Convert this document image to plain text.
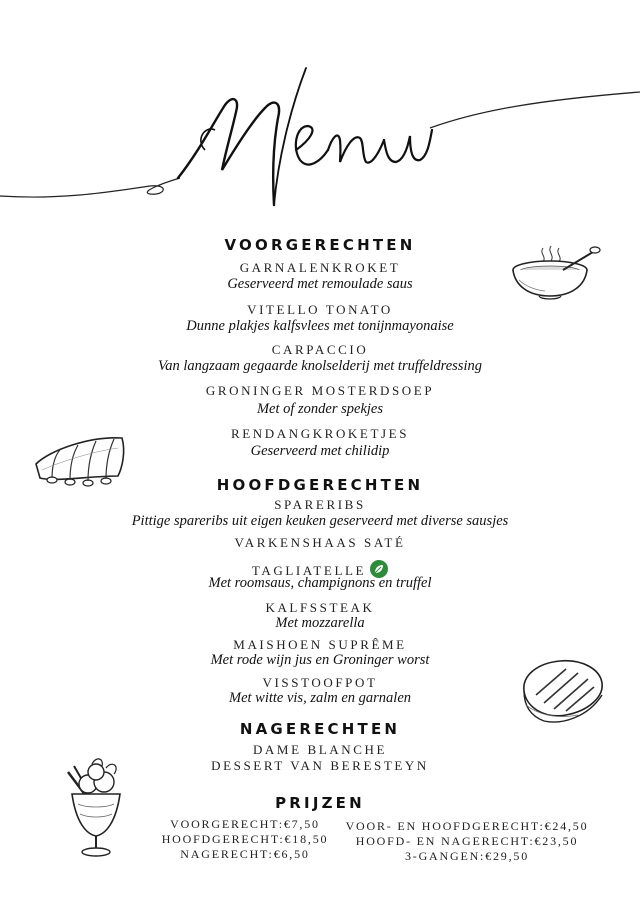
VOORGERECHTEN
GARNALENKROKET
Geserveerd met remoulade saus
VITELLO TONATO
Dunne plakjes kalfsvlees met tonijnmayonaise
CARPACCIO
Van langzaam gegaarde knolselderij met truffeldressing
GRONINGER MOSTERDSOEP
Met of zonder spekjes
RENDANGKROKETJES
Geserveerd met chilidip
HOOFDGERECHTEN
SPARERIBS
Pittige spareribs uit eigen keuken geserveerd met diverse sausjes
VARKENSHAAS SATÉ
TAGLIATELLE
Met roomsaus, champignons en truffel
KALFSSTEAK
Met mozzarella
MAISHOEN SUPRÊME
Met rode wijn jus en Groninger worst
VISSTOOFPOT
Met witte vis, zalm en garnalen
NAGERECHTEN
DAME BLANCHE
DESSERT VAN BERESTEYN
PRIJZEN
VOORGERECHT:€7,50
HOOFDGERECHT:€18,50
NAGERECHT:€6,50
VOOR- EN HOOFDGERECHT:€24,50
HOOFD- EN NAGERECHT:€23,50
3-GANGEN:€29,50
